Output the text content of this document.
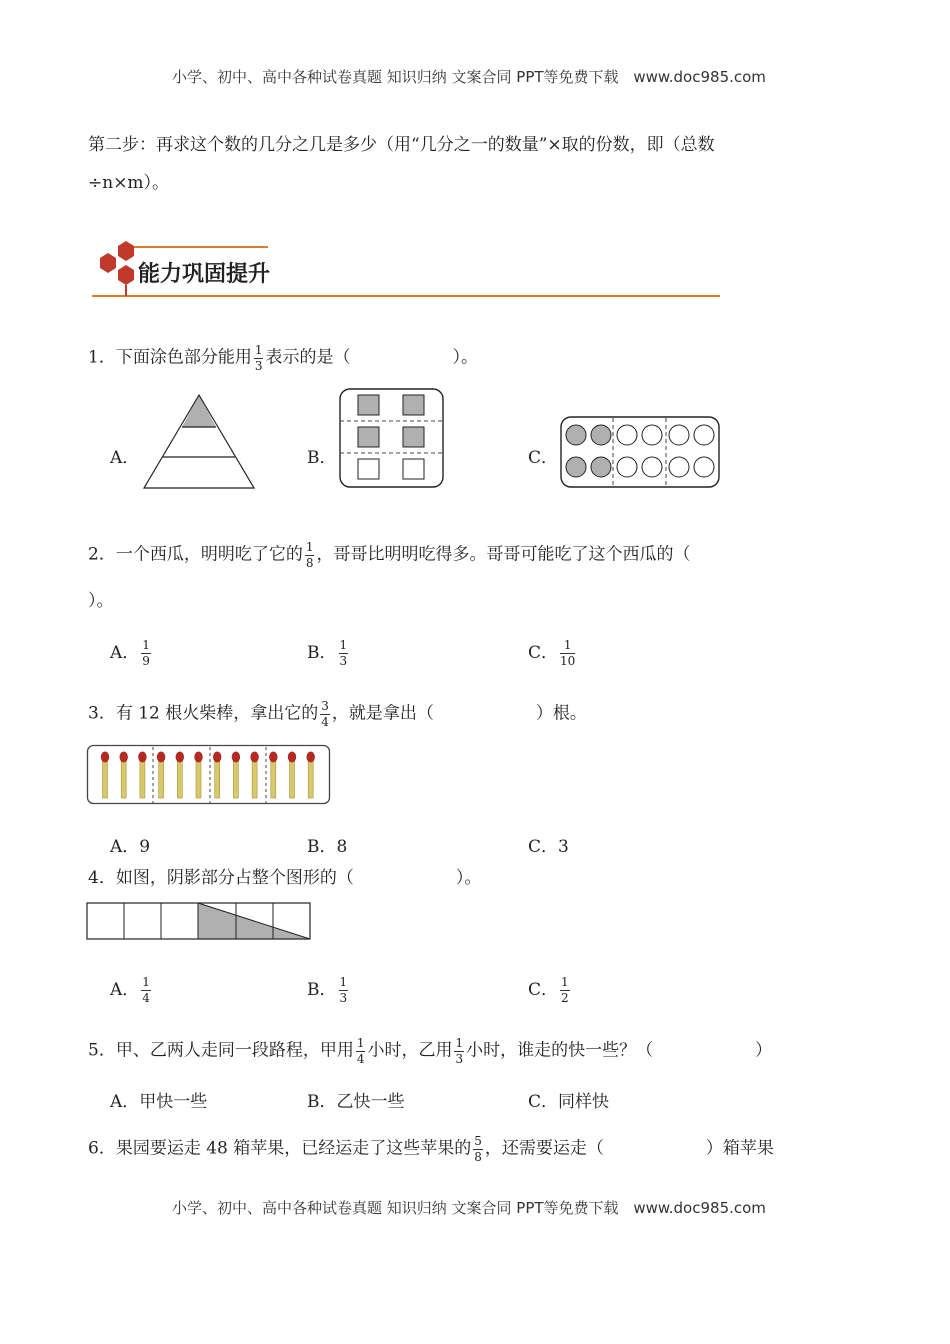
小学、初中、高中各种试卷真题 知识归纳 文案合同 PPT等免费下载 www.doc985.com
第二步：再求这个数的几分之几是多少（用“几分之一的数量”×取的份数，即（总数
÷n×m）。
能力巩固提升
1．下面涂色部分能用 $\frac{1}{3}$ 表示的是（　　　　　　）。
A．	B．	C．
2．一个西瓜，明明吃了它的 $\frac{1}{8}$ ，哥哥比明明吃得多。哥哥可能吃了这个西瓜的（
）。
A． $\frac{1}{9}$	B． $\frac{1}{3}$	C． $\frac{1}{10}$
3．有 12 根火柴棒，拿出它的 $\frac{3}{4}$ ，就是拿出（　　　　　　）根。
A．9	B．8	C．3
4．如图，阴影部分占整个图形的（　　　　　　）。
A． $\frac{1}{4}$	B． $\frac{1}{3}$	C． $\frac{1}{2}$
5．甲、乙两人走同一段路程，甲用 $\frac{1}{4}$ 小时，乙用 $\frac{1}{3}$ 小时，谁走的快一些？（　　　　　　）
A．甲快一些	B．乙快一些	C．同样快
6．果园要运走 48 箱苹果，已经运走了这些苹果的 $\frac{5}{8}$ ，还需要运走（　　　　　　）箱苹果
小学、初中、高中各种试卷真题 知识归纳 文案合同 PPT等免费下载 www.doc985.com
